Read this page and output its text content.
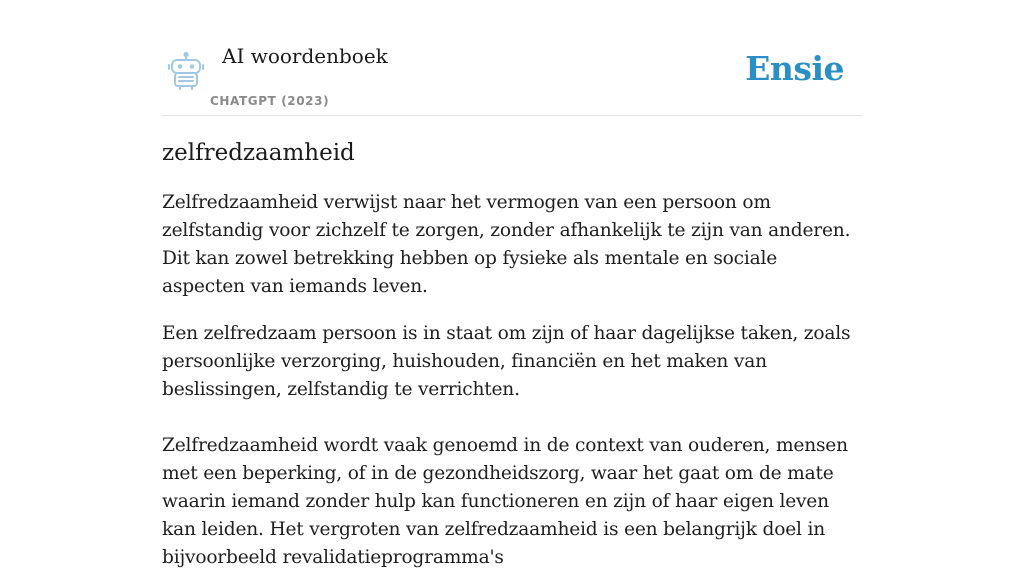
AI woordenboek
CHATGPT (2023)
Ensie
zelfredzaamheid

Zelfredzaamheid verwijst naar het vermogen van een persoon om zelfstandig voor zichzelf te zorgen, zonder afhankelijk te zijn van anderen. Dit kan zowel betrekking hebben op fysieke als mentale en sociale aspecten van iemands leven.

Een zelfredzaam persoon is in staat om zijn of haar dagelijkse taken, zoals persoonlijke verzorging, huishouden, financiën en het maken van beslissingen, zelfstandig te verrichten.

Zelfredzaamheid wordt vaak genoemd in de context van ouderen, mensen met een beperking, of in de gezondheidszorg, waar het gaat om de mate waarin iemand zonder hulp kan functioneren en zijn of haar eigen leven kan leiden. Het vergroten van zelfredzaamheid is een belangrijk doel in bijvoorbeeld revalidatieprogramma's
